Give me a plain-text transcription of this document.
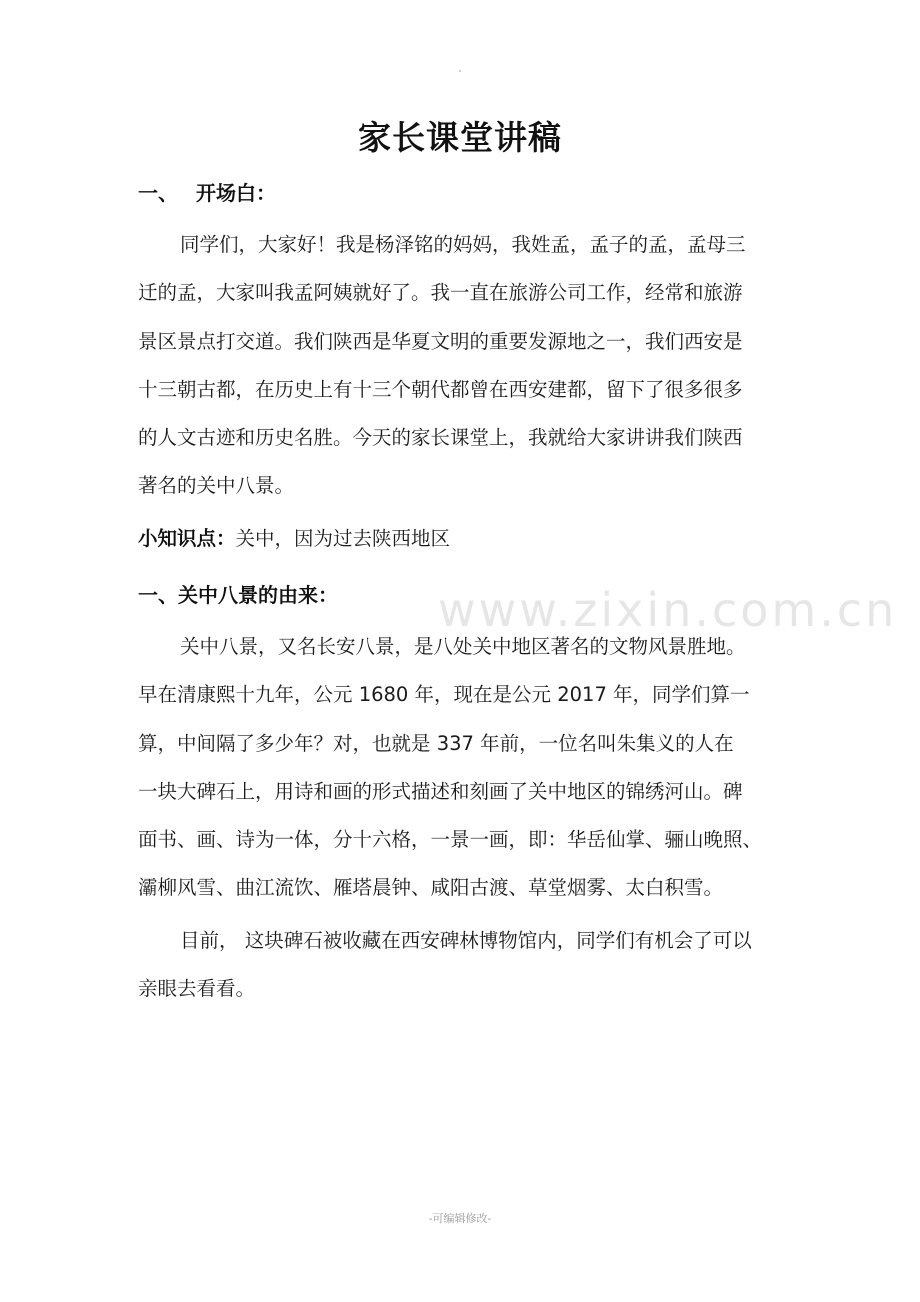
家长课堂讲稿
一、 开场白：
同学们，大家好！我是杨泽铭的妈妈，我姓孟，孟子的孟，孟母三
迁的孟，大家叫我孟阿姨就好了。我一直在旅游公司工作，经常和旅游
景区景点打交道。我们陕西是华夏文明的重要发源地之一，我们西安是
十三朝古都，在历史上有十三个朝代都曾在西安建都，留下了很多很多
的人文古迹和历史名胜。今天的家长课堂上，我就给大家讲讲我们陕西
著名的关中八景。
小知识点：关中，因为过去陕西地区
一、关中八景的由来： www.zixin.com.cn
关中八景，又名长安八景，是八处关中地区著名的文物风景胜地。
早在清康熙十九年，公元 1680 年，现在是公元 2017 年，同学们算一
算，中间隔了多少年？对，也就是 337 年前，一位名叫朱集义的人在
一块大碑石上，用诗和画的形式描述和刻画了关中地区的锦绣河山。碑
面书、画、诗为一体，分十六格，一景一画，即：华岳仙掌、骊山晚照、
灞柳风雪、曲江流饮、雁塔晨钟、咸阳古渡、草堂烟雾、太白积雪。
目前， 这块碑石被收藏在西安碑林博物馆内，同学们有机会了可以
亲眼去看看。
-可编辑修改-
